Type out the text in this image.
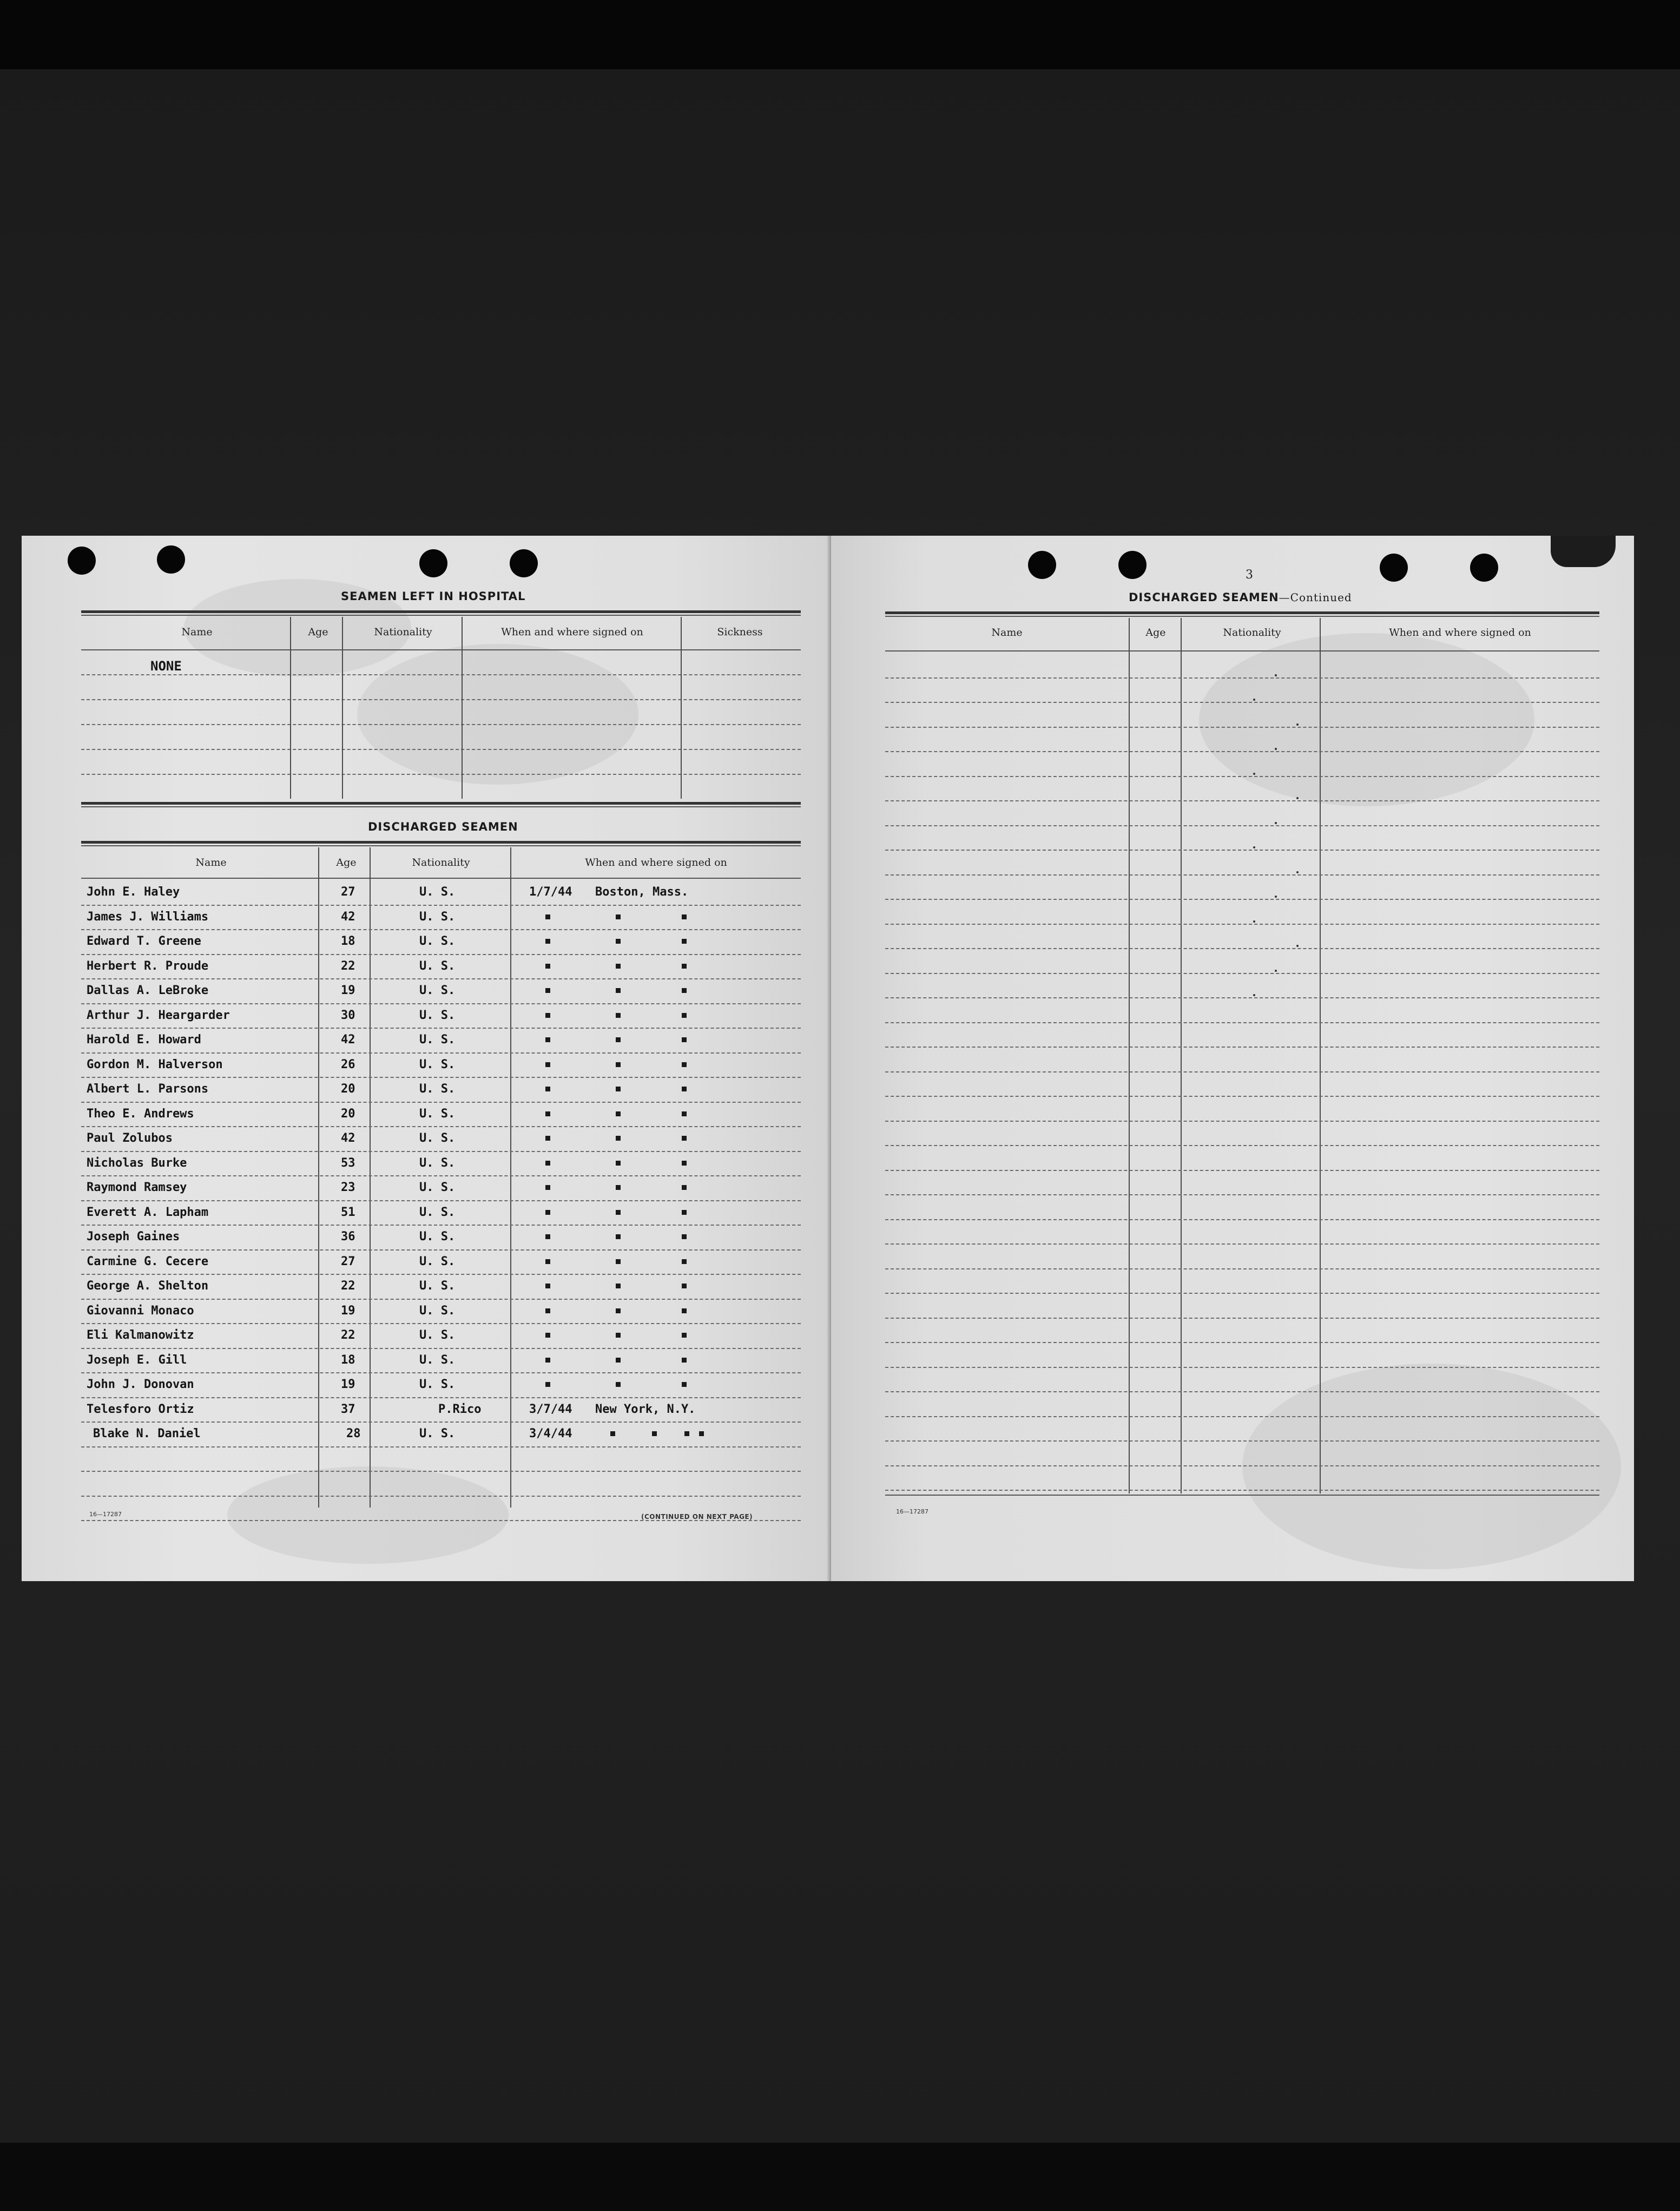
SEAMEN LEFT IN HOSPITAL
Name	Age	Nationality	When and where signed on	Sickness
NONE
DISCHARGED SEAMEN
Name	Age	Nationality	When and where signed on
John E. Haley	27	U. S.	1/7/44 Boston, Mass.
James J. Williams	42	U. S.
Edward T. Greene	18	U. S.
Herbert R. Proude	22	U. S.
Dallas A. LeBroke	19	U. S.
Arthur J. Heargarder	30	U. S.
Harold E. Howard	42	U. S.
Gordon M. Halverson	26	U. S.
Albert L. Parsons	20	U. S.
Theo E. Andrews	20	U. S.
Paul Zolubos	42	U. S.
Nicholas Burke	53	U. S.
Raymond Ramsey	23	U. S.
Everett A. Lapham	51	U. S.
Joseph Gaines	36	U. S.
Carmine G. Cecere	27	U. S.
George A. Shelton	22	U. S.
Giovanni Monaco	19	U. S.
Eli Kalmanowitz	22	U. S.
Joseph E. Gill	18	U. S.
John J. Donovan	19	U. S.
Telesforo Ortiz	37	P.Rico	3/7/44 New York, N.Y.
Blake N. Daniel	28	U. S.	3/4/44
16—17287	(CONTINUED ON NEXT PAGE)
3
DISCHARGED SEAMEN—Continued
Name	Age	Nationality	When and where signed on
16—17287
